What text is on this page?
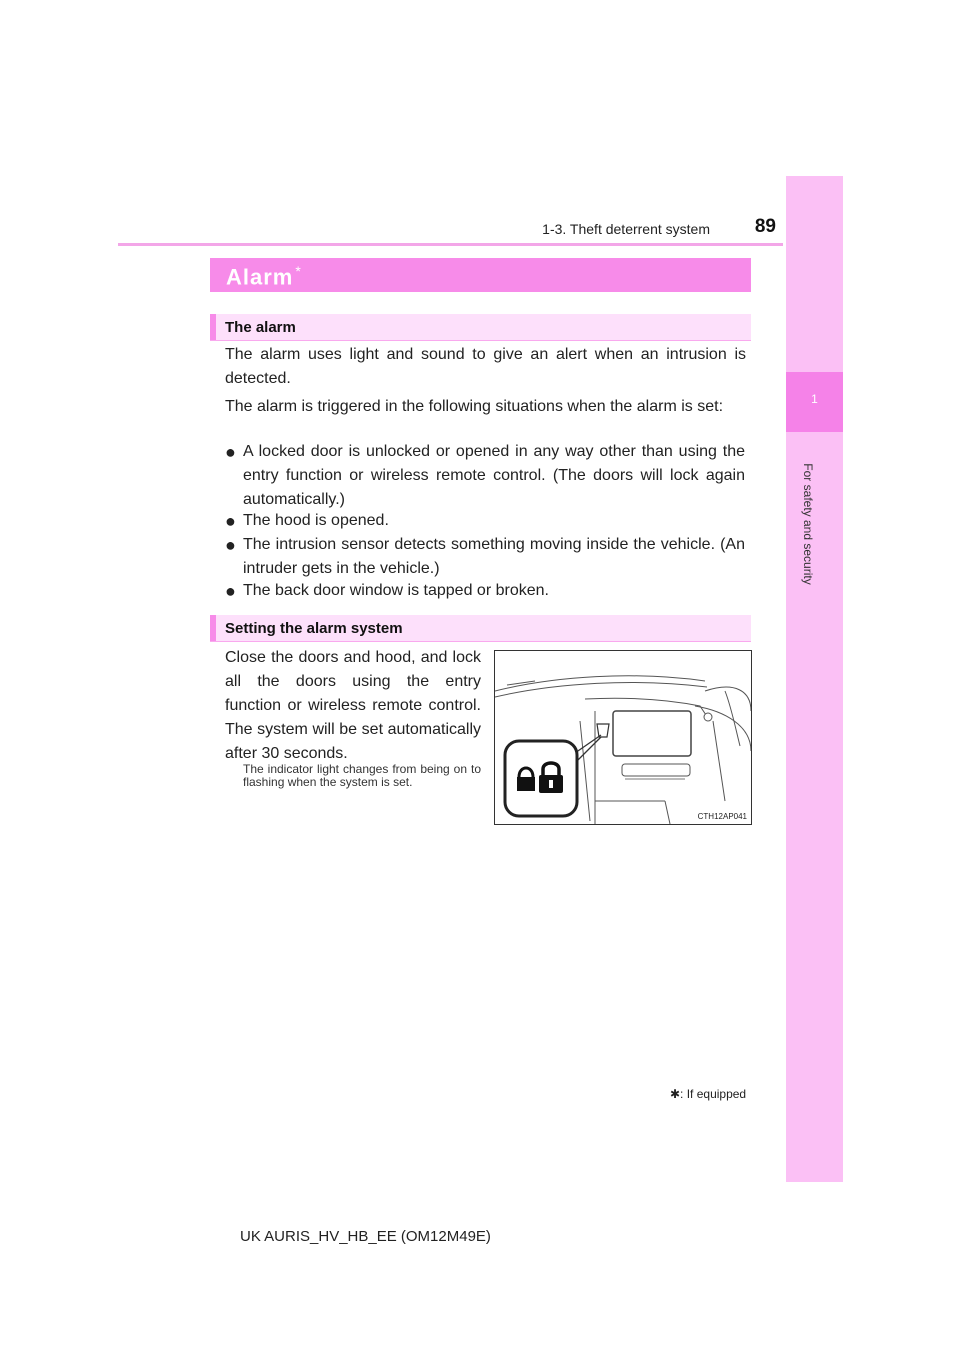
1-3. Theft deterrent system	89
1
For safety and security
Alarm *
The alarm
The alarm uses light and sound to give an alert when an intrusion is detected.
The alarm is triggered in the following situations when the alarm is set:
● A locked door is unlocked or opened in any way other than using the entry function or wireless remote control. (The doors will lock again automatically.)
● The hood is opened.
● The intrusion sensor detects something moving inside the vehicle. (An intruder gets in the vehicle.)
● The back door window is tapped or broken.
Setting the alarm system
Close the doors and hood, and lock all the doors using the entry function or wireless remote control. The system will be set automatically after 30 seconds.
The indicator light changes from being on to flashing when the system is set.
CTH12AP041
✱: If equipped
UK AURIS_HV_HB_EE (OM12M49E)
